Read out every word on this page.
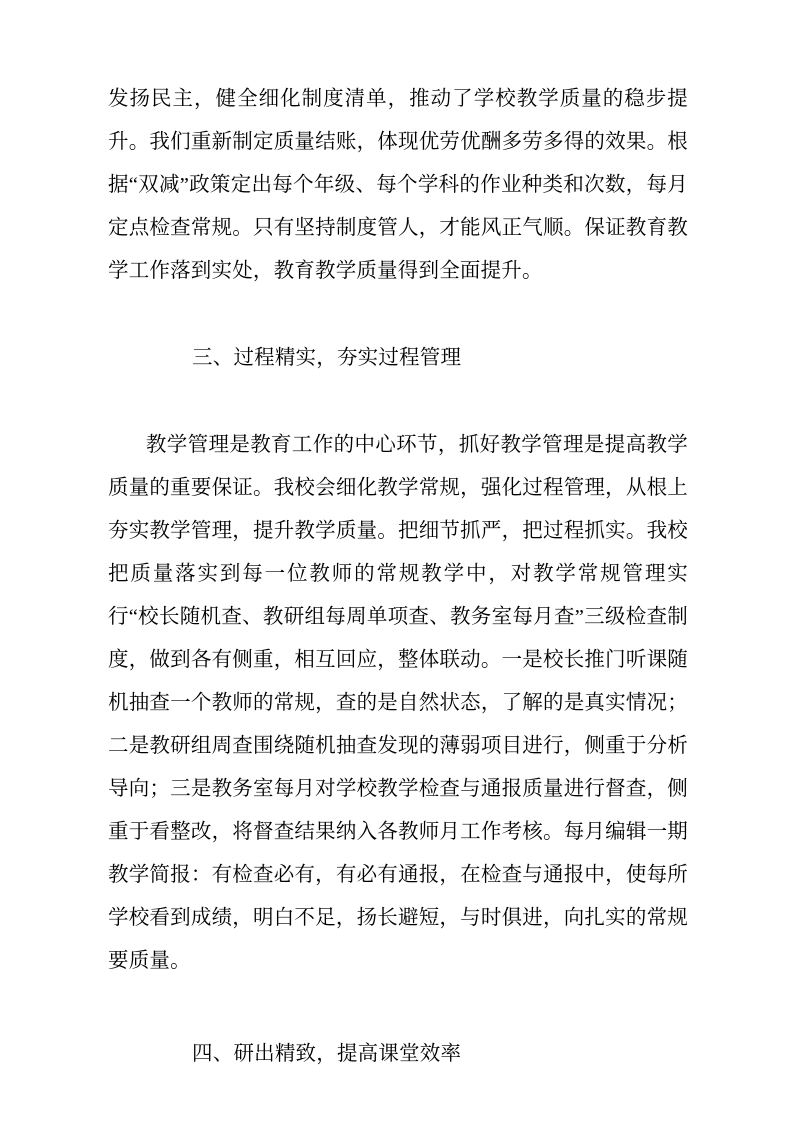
发扬民主，健全细化制度清单，推动了学校教学质量的稳步提升。我们重新制定质量结账，体现优劳优酬多劳多得的效果。根据“双减”政策定出每个年级、每个学科的作业种类和次数，每月定点检查常规。只有坚持制度管人，才能风正气顺。保证教育教学工作落到实处，教育教学质量得到全面提升。

三、过程精实，夯实过程管理

教学管理是教育工作的中心环节，抓好教学管理是提高教学质量的重要保证。我校会细化教学常规，强化过程管理，从根上夯实教学管理，提升教学质量。把细节抓严，把过程抓实。我校把质量落实到每一位教师的常规教学中，对教学常规管理实行“校长随机查、教研组每周单项查、教务室每月查”三级检查制度，做到各有侧重，相互回应，整体联动。一是校长推门听课随机抽查一个教师的常规，查的是自然状态，了解的是真实情况；二是教研组周查围绕随机抽查发现的薄弱项目进行，侧重于分析导向；三是教务室每月对学校教学检查与通报质量进行督查，侧重于看整改，将督查结果纳入各教师月工作考核。每月编辑一期教学简报：有检查必有，有必有通报，在检查与通报中，使每所学校看到成绩，明白不足，扬长避短，与时俱进，向扎实的常规要质量。

四、研出精致，提高课堂效率
